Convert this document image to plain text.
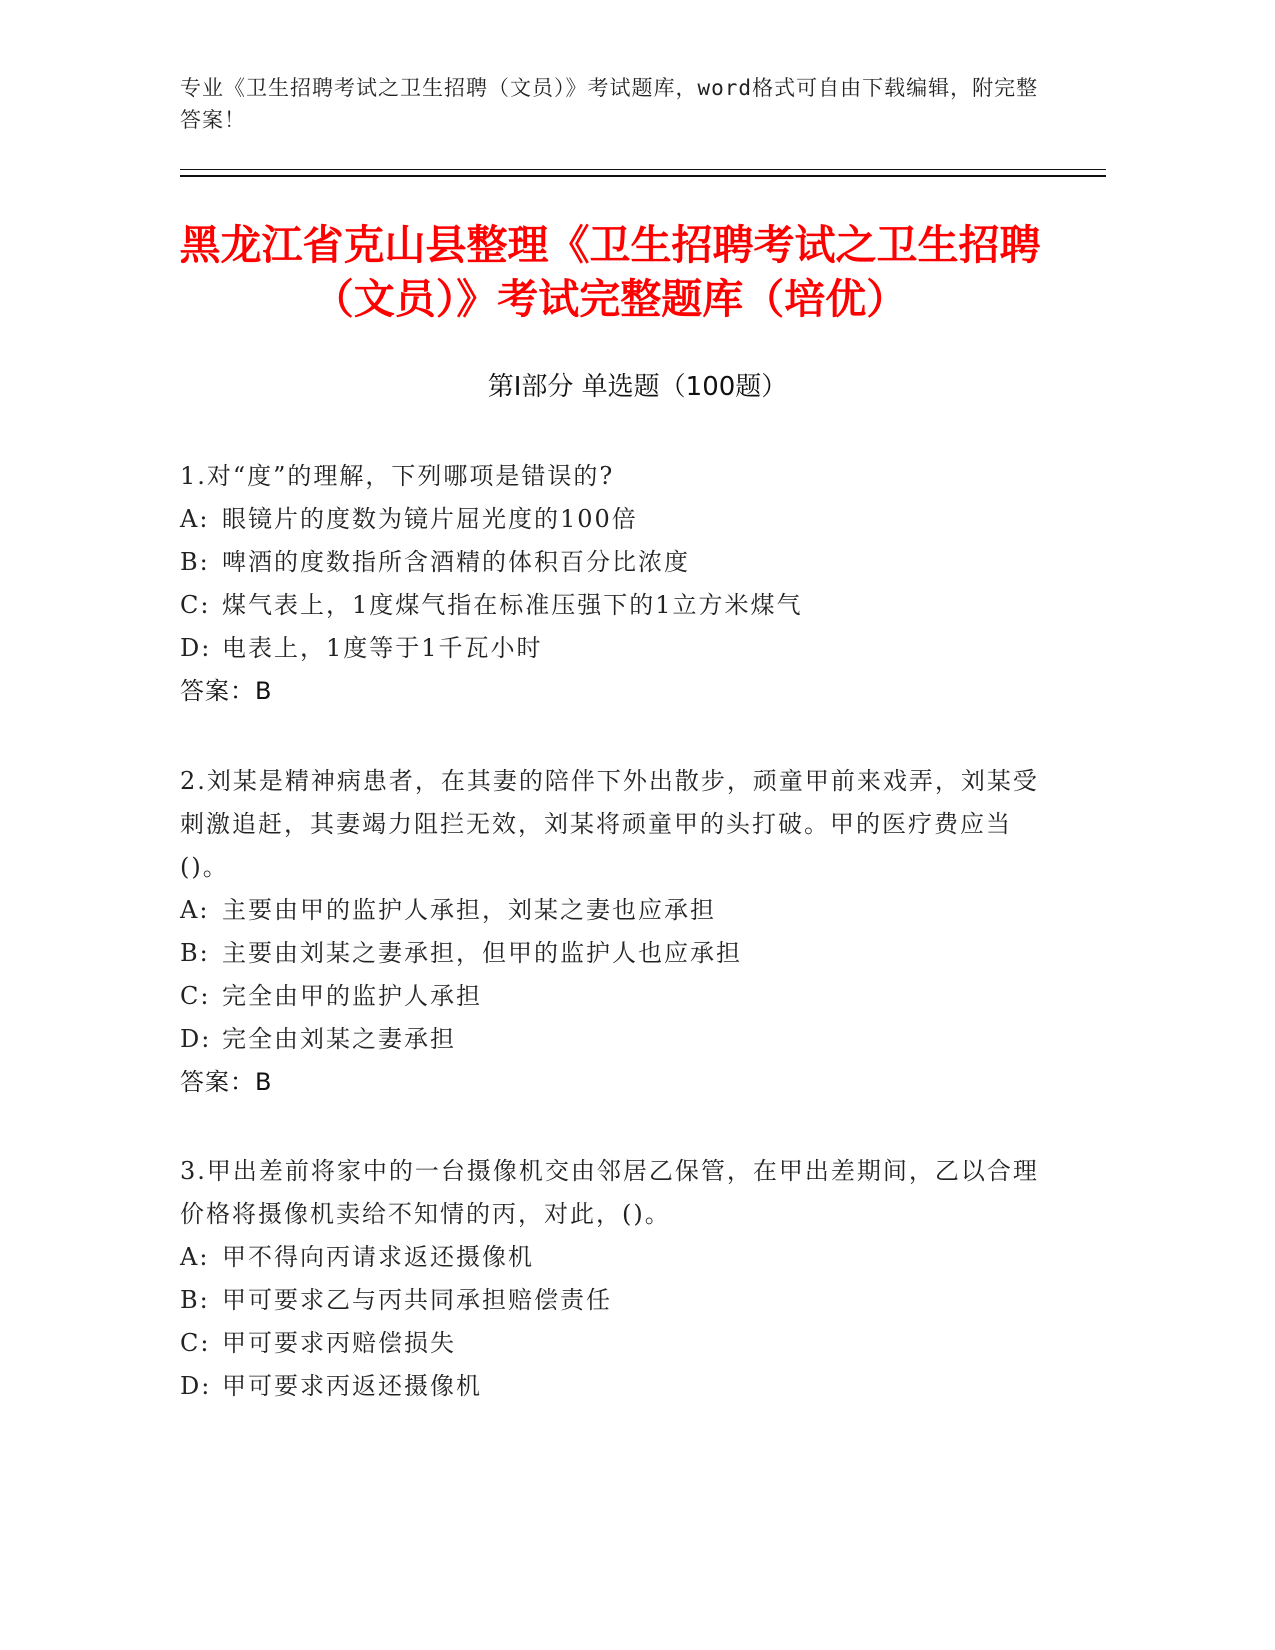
专业《卫生招聘考试之卫生招聘（文员）》考试题库，word格式可自由下载编辑，附完整答案！
黑龙江省克山县整理《卫生招聘考试之卫生招聘（文员）》考试完整题库（培优）
第Ⅰ部分 单选题（100题）
1.对“度”的理解，下列哪项是错误的?
A: 眼镜片的度数为镜片屈光度的100倍
B: 啤酒的度数指所含酒精的体积百分比浓度
C: 煤气表上，1度煤气指在标准压强下的1立方米煤气
D: 电表上，1度等于1千瓦小时
答案：B
2.刘某是精神病患者，在其妻的陪伴下外出散步，顽童甲前来戏弄，刘某受刺激追赶，其妻竭力阻拦无效，刘某将顽童甲的头打破。甲的医疗费应当()。
A: 主要由甲的监护人承担，刘某之妻也应承担
B: 主要由刘某之妻承担，但甲的监护人也应承担
C: 完全由甲的监护人承担
D: 完全由刘某之妻承担
答案：B
3.甲出差前将家中的一台摄像机交由邻居乙保管，在甲出差期间，乙以合理价格将摄像机卖给不知情的丙，对此，()。
A: 甲不得向丙请求返还摄像机
B: 甲可要求乙与丙共同承担赔偿责任
C: 甲可要求丙赔偿损失
D: 甲可要求丙返还摄像机
